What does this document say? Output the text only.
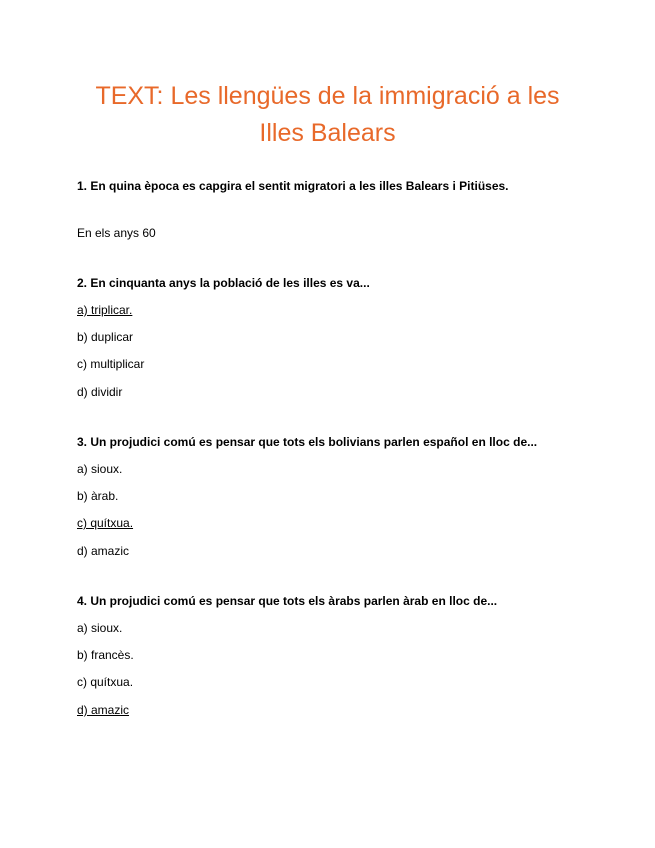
TEXT: Les llengües de la immigració a les
Illes Balears

1. En quina època es capgira el sentit migratori a les illes Balears i Pitiüses.

En els anys 60

2. En cinquanta anys la població de les illes es va...

a) triplicar.

b) duplicar

c) multiplicar

d) dividir

3. Un projudici comú es pensar que tots els bolivians parlen español en lloc de...

a) sioux.

b) àrab.

c) quítxua.

d) amazic

4. Un projudici comú es pensar que tots els àrabs parlen àrab en lloc de...

a) sioux.

b) francès.

c) quítxua.

d) amazic
